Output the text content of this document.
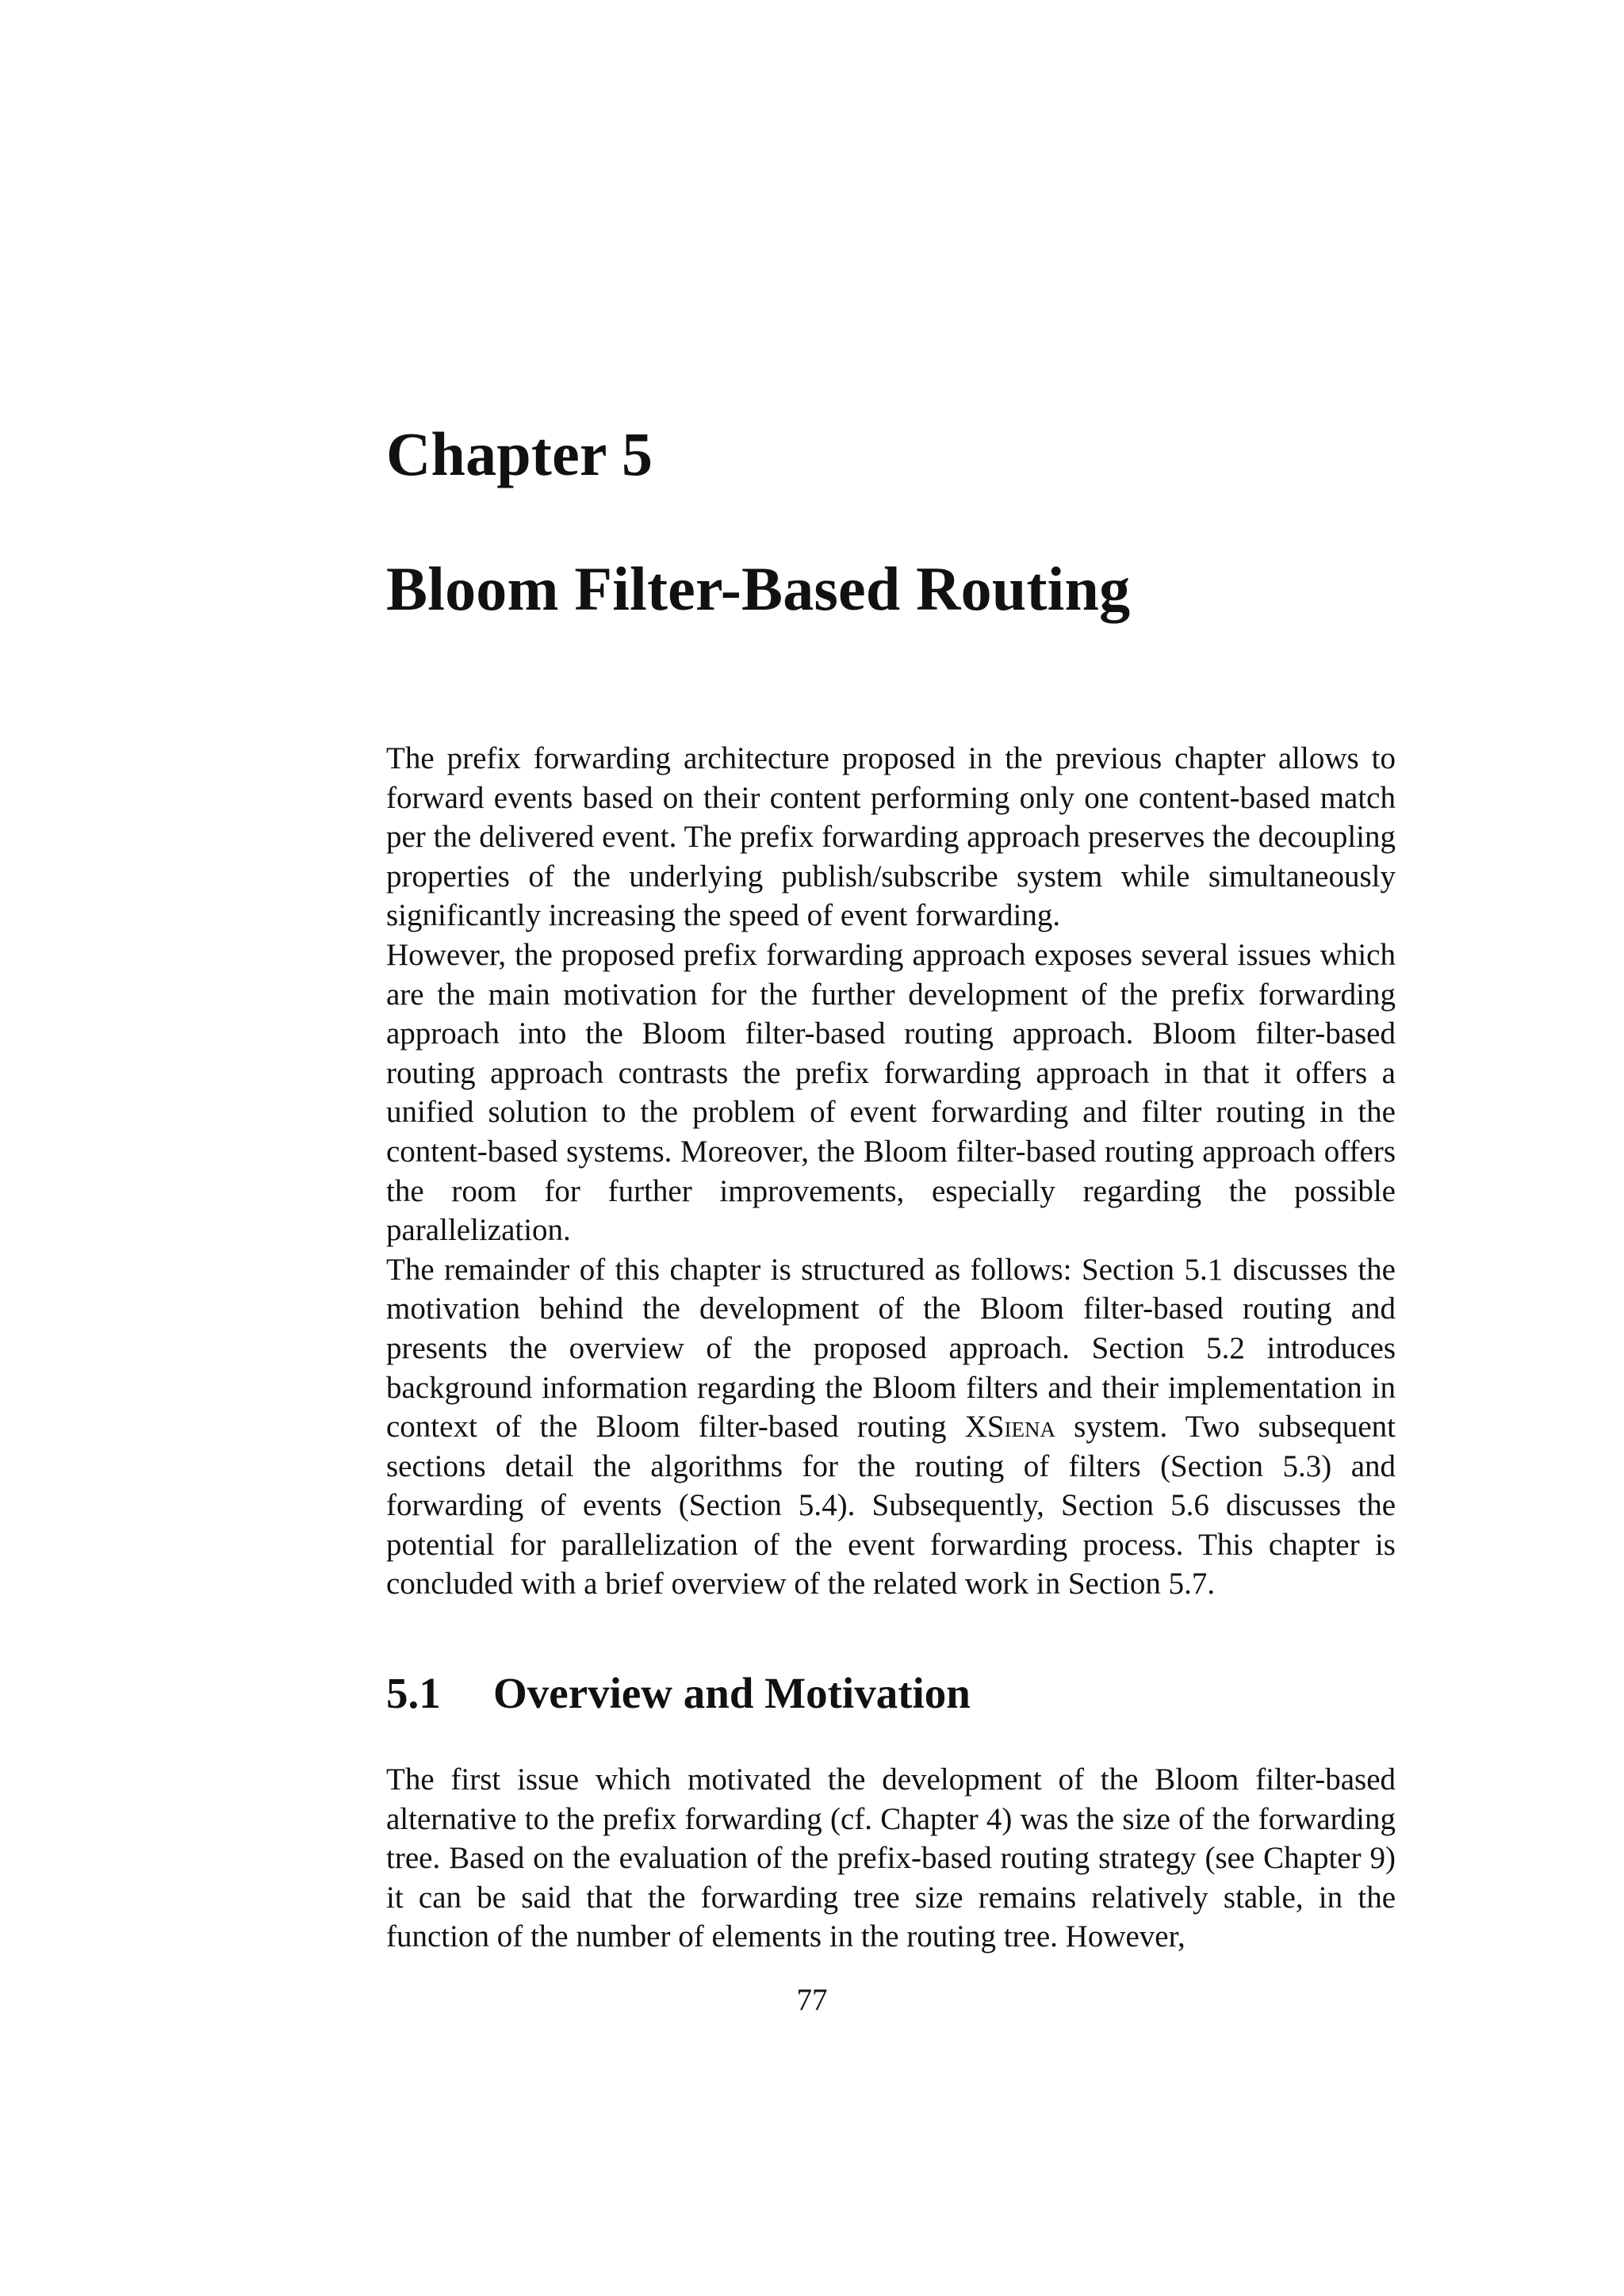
Chapter 5
Bloom Filter-Based Routing

The prefix forwarding architecture proposed in the previous chapter allows to forward events based on their content performing only one content-based match per the delivered event. The prefix forwarding approach preserves the decoupling properties of the underlying publish/subscribe system while simultaneously significantly increasing the speed of event forwarding.

However, the proposed prefix forwarding approach exposes several issues which are the main motivation for the further development of the prefix forwarding approach into the Bloom filter-based routing approach. Bloom filter-based routing approach contrasts the prefix forwarding approach in that it offers a unified solution to the problem of event forwarding and filter routing in the content-based systems. Moreover, the Bloom filter-based routing approach offers the room for further improvements, especially regarding the possible parallelization.

The remainder of this chapter is structured as follows: Section 5.1 discusses the motivation behind the development of the Bloom filter-based routing and presents the overview of the proposed approach. Section 5.2 introduces background information regarding the Bloom filters and their implementation in context of the Bloom filter-based routing XSiena system. Two subsequent sections detail the algorithms for the routing of filters (Section 5.3) and forwarding of events (Section 5.4). Subsequently, Section 5.6 discusses the potential for parallelization of the event forwarding process. This chapter is concluded with a brief overview of the related work in Section 5.7.

5.1 Overview and Motivation

The first issue which motivated the development of the Bloom filter-based alternative to the prefix forwarding (cf. Chapter 4) was the size of the forwarding tree. Based on the evaluation of the prefix-based routing strategy (see Chapter 9) it can be said that the forwarding tree size remains relatively stable, in the function of the number of elements in the routing tree. However,

77
